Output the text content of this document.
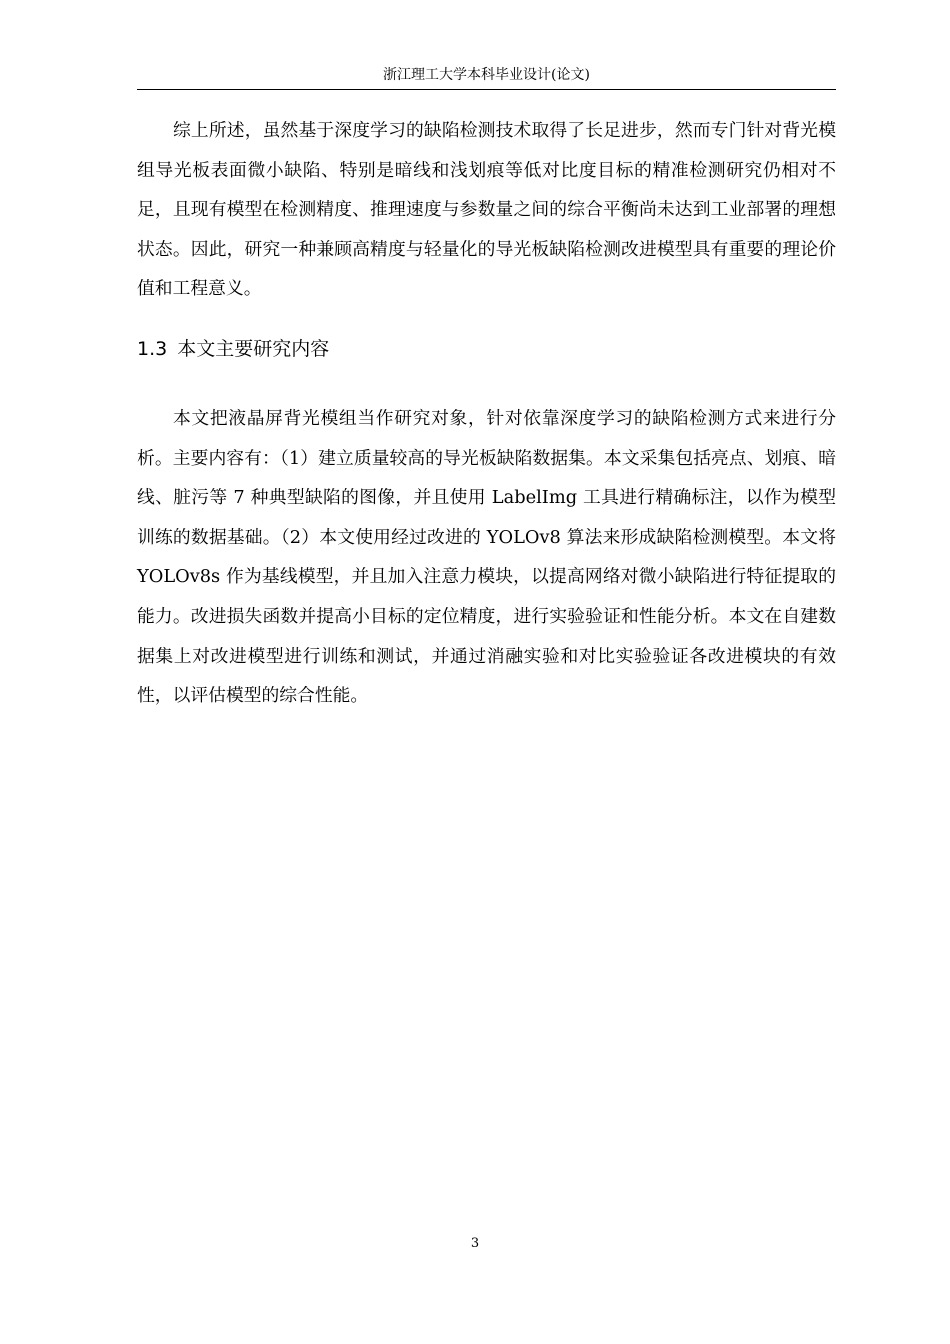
浙江理工大学本科毕业设计(论文)

综上所述，虽然基于深度学习的缺陷检测技术取得了长足进步，然而专门针对背光模组导光板表面微小缺陷、特别是暗线和浅划痕等低对比度目标的精准检测研究仍相对不足，且现有模型在检测精度、推理速度与参数量之间的综合平衡尚未达到工业部署的理想状态。因此，研究一种兼顾高精度与轻量化的导光板缺陷检测改进模型具有重要的理论价值和工程意义。

1.3 本文主要研究内容

本文把液晶屏背光模组当作研究对象，针对依靠深度学习的缺陷检测方式来进行分析。主要内容有：（1）建立质量较高的导光板缺陷数据集。本文采集包括亮点、划痕、暗线、脏污等 7 种典型缺陷的图像，并且使用 LabelImg 工具进行精确标注，以作为模型训练的数据基础。（2）本文使用经过改进的 YOLOv8 算法来形成缺陷检测模型。本文将 YOLOv8s 作为基线模型，并且加入注意力模块，以提高网络对微小缺陷进行特征提取的能力。改进损失函数并提高小目标的定位精度，进行实验验证和性能分析。本文在自建数据集上对改进模型进行训练和测试，并通过消融实验和对比实验验证各改进模块的有效性，以评估模型的综合性能。

3
